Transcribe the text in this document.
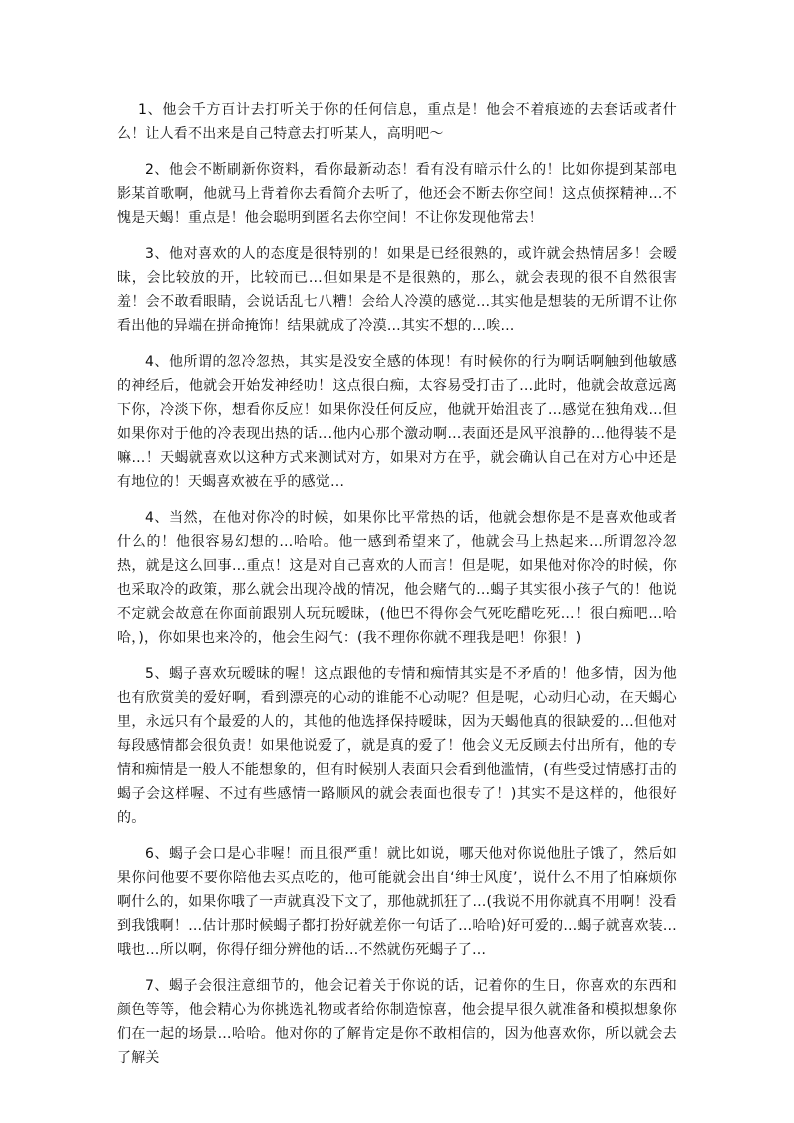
1、他会千方百计去打听关于你的任何信息，重点是！他会不着痕迹的去套话或者什么！让人看不出来是自己特意去打听某人，高明吧～

2、他会不断刷新你资料，看你最新动态！看有没有暗示什么的！比如你提到某部电影某首歌啊，他就马上背着你去看简介去听了，他还会不断去你空间！这点侦探精神…不愧是天蝎！重点是！他会聪明到匿名去你空间！不让你发现他常去！

3、他对喜欢的人的态度是很特别的！如果是已经很熟的，或许就会热情居多！会暧昧，会比较放的开，比较而已…但如果是不是很熟的，那么，就会表现的很不自然很害羞！会不敢看眼睛，会说话乱七八糟！会给人冷漠的感觉…其实他是想装的无所谓不让你看出他的异端在拼命掩饰！结果就成了冷漠…其实不想的…唉…

4、他所谓的忽冷忽热，其实是没安全感的体现！有时候你的行为啊话啊触到他敏感的神经后，他就会开始发神经叻！这点很白痴，太容易受打击了…此时，他就会故意远离下你，冷淡下你，想看你反应！如果你没任何反应，他就开始沮丧了…感觉在独角戏…但如果你对于他的冷表现出热的话…他内心那个激动啊…表面还是风平浪静的…他得装不是嘛…！天蝎就喜欢以这种方式来测试对方，如果对方在乎，就会确认自己在对方心中还是有地位的！天蝎喜欢被在乎的感觉…

4、当然，在他对你冷的时候，如果你比平常热的话，他就会想你是不是喜欢他或者什么的！他很容易幻想的…哈哈。他一感到希望来了，他就会马上热起来…所谓忽冷忽热，就是这么回事…重点！这是对自己喜欢的人而言！但是呢，如果他对你冷的时候，你也采取冷的政策，那么就会出现冷战的情况，他会赌气的…蝎子其实很小孩子气的！他说不定就会故意在你面前跟别人玩玩暧昧，(他巴不得你会气死吃醋吃死…！很白痴吧…哈哈，)，你如果也来冷的，他会生闷气：(我不理你你就不理我是吧！你狠！)

5、蝎子喜欢玩暧昧的喔！这点跟他的专情和痴情其实是不矛盾的！他多情，因为他也有欣赏美的爱好啊，看到漂亮的心动的谁能不心动呢？但是呢，心动归心动，在天蝎心里，永远只有个最爱的人的，其他的他选择保持暧昧，因为天蝎他真的很缺爱的…但他对每段感情都会很负责！如果他说爱了，就是真的爱了！他会义无反顾去付出所有，他的专情和痴情是一般人不能想象的，但有时候别人表面只会看到他滥情，(有些受过情感打击的蝎子会这样喔、不过有些感情一路顺风的就会表面也很专了！)其实不是这样的，他很好的。

6、蝎子会口是心非喔！而且很严重！就比如说，哪天他对你说他肚子饿了，然后如果你问他要不要你陪他去买点吃的，他可能就会出自‘绅士风度’，说什么不用了怕麻烦你啊什么的，如果你哦了一声就真没下文了，那他就抓狂了…(我说不用你就真不用啊！没看到我饿啊！…估计那时候蝎子都打扮好就差你一句话了…哈哈)好可爱的…蝎子就喜欢装…哦也…所以啊，你得仔细分辨他的话…不然就伤死蝎子了…

7、蝎子会很注意细节的，他会记着关于你说的话，记着你的生日，你喜欢的东西和颜色等等，他会精心为你挑选礼物或者给你制造惊喜，他会提早很久就准备和模拟想象你们在一起的场景…哈哈。他对你的了解肯定是你不敢相信的，因为他喜欢你，所以就会去了解关
